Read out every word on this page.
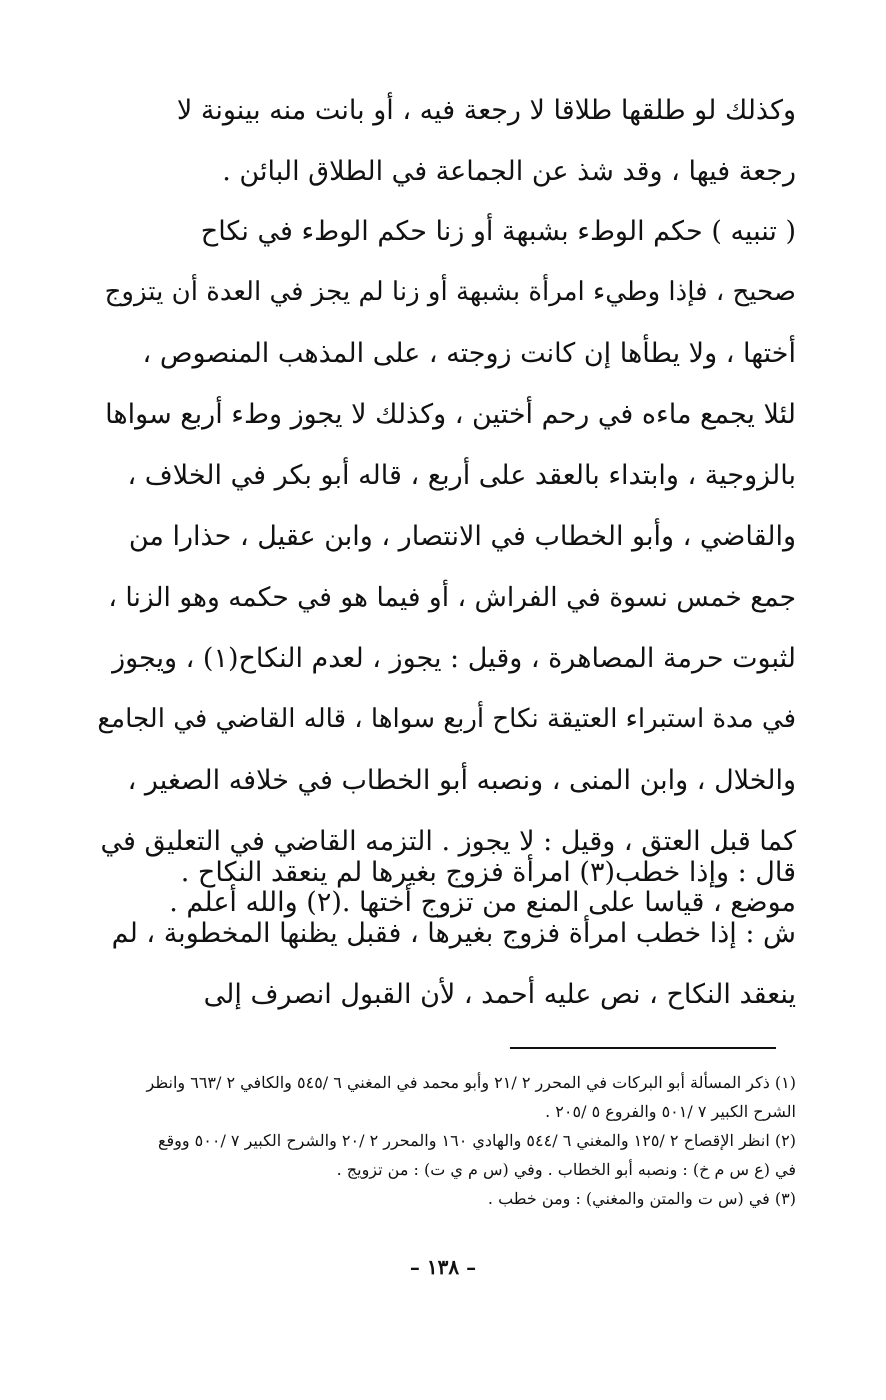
وكذلك لو طلقها طلاقا لا رجعة فيه ، أو بانت منه بينونة لا
رجعة فيها ، وقد شذ عن الجماعة في الطلاق البائن .
( تنبيه ) حكم الوطء بشبهة أو زنا حكم الوطء في نكاح
صحيح ، فإذا وطيء امرأة بشبهة أو زنا لم يجز في العدة أن يتزوج
أختها ، ولا يطأها إن كانت زوجته ، على المذهب المنصوص ،
لئلا يجمع ماءه في رحم أختين ، وكذلك لا يجوز وطء أربع سواها
بالزوجية ، وابتداء بالعقد على أربع ، قاله أبو بكر في الخلاف ،
والقاضي ، وأبو الخطاب في الانتصار ، وابن عقيل ، حذارا من
جمع خمس نسوة في الفراش ، أو فيما هو في حكمه وهو الزنا ،
لثبوت حرمة المصاهرة ، وقيل : يجوز ، لعدم النكاح(١) ، ويجوز
في مدة استبراء العتيقة نكاح أربع سواها ، قاله القاضي في الجامع
والخلال ، وابن المنى ، ونصبه أبو الخطاب في خلافه الصغير ،
كما قبل العتق ، وقيل : لا يجوز . التزمه القاضي في التعليق في
موضع ، قياسا على المنع من تزوج أختها .(٢) والله أعلم .
قال : وإذا خطب(٣) امرأة فزوج بغيرها لم ينعقد النكاح .
ش : إذا خطب امرأة فزوج بغيرها ، فقبل يظنها المخطوبة ، لم
ينعقد النكاح ، نص عليه أحمد ، لأن القبول انصرف إلى
(١) ذكر المسألة أبو البركات في المحرر ٢ /٢١ وأبو محمد في المغني ٦ /٥٤٥ والكافي ٢ /٦٦٣ وانظر
الشرح الكبير ٧ /٥٠١ والفروع ٥ /٢٠٥ .
(٢) انظر الإقصاح ٢ /١٢٥ والمغني ٦ /٥٤٤ والهادي ١٦٠ والمحرر ٢ /٢٠ والشرح الكبير ٧ /٥٠٠ ووقع
في (ع س م خ) : ونصبه أبو الخطاب . وفي (س م ي ت) : من تزويج .
(٣) في (س ت والمتن والمغني) : ومن خطب .
– ١٣٨ –
